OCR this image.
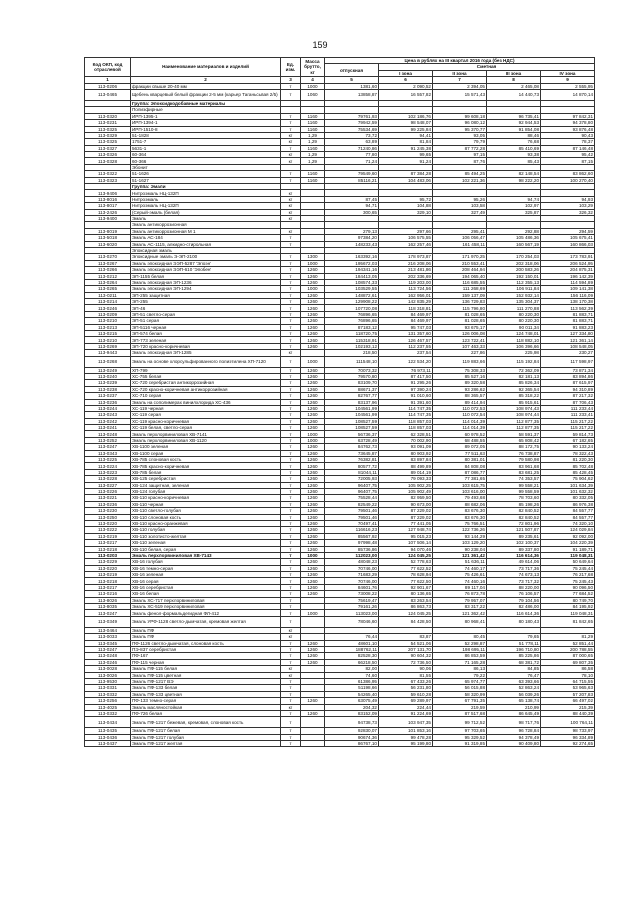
159
Код ОКП, код отраслевой	Наименование материалов и изделий	Ед. изм.	Масса брутто, кг	Цена в рублях на III квартал 2016 года (без НДС)				
				отпускная	Сметная			
					I зона	II зона	III зона	IV зона
1	2	3	4	5	6	7	8	9
113-0206	фракции свыше 20-40 мм	т	1000	1381,60	2 090,52	2 394,05	2 465,08	2 555,95
113-0465	Щебень кварцевый белый фракции 2-5 мм (карьер Таганьсьвая 2/5)	т	1060	13858,87	16 557,82	15 571,43	14 440,73	14 870,14
	Группа: Эпоксидкодобавные материалы							
	Полиэфирные							
113-0320	ИРП-1395-1	т	1160	79761,93	102 186,76	99 608,18	96 735,41	97 842,31
113-0231	ИРП-1394-1	т	1160	79942,59	98 548,07	96 080,12	92 944,53	94 378,80
113-0325	ИРП-1510-8	т	1160	75534,69	99 225,84	95 370,77	91 854,08	93 876,48
113-0329	51-1828	кг	1,29	73,72	94,41	93,05	88,46	90,43
113-0325	1751-7	кг	1,29	63,89	81,84	79,79	76,68	78,37
113-0327	5631-1	т	1160	71240,86	91 245,38	87 772,28	85 410,69	87 146,48
113-0326	60-364	кг	1,29	77,80	99,65	97,15	93,38	95,42
113-0328	60-366	кг	1,29	71,24	91,24	87,76	85,43	87,15
	Эбонит							
113-0322	51-1626	т	1160	79549,60	87 384,28	85 494,25	82 148,54	83 862,60
113-0323	51-1627	т	1160	85116,21	104 483,06	102 221,36	98 222,20	100 270,40
	Группа: Эмали							
113-9406	Нитроэмаль НЦ-132П	кг						
113-8016	Нитроэмаль	кг		87,45	95,72	95,26	94,74	94,93
113-8017	Нитроэмаль НЦ-132П	кг		94,71	104,88	103,58	102,97	103,29
113-2426	(Серый-эмаль (белая)	кг		300,65	329,10	327,49	325,87	326,32
113-9400	Эмаль	кг						
	Эмаль антикоррозионная							
113-8019	Эмаль антикоррозионная М 1	кг		279,13	297,66	295,41	292,88	294,59
113-5018	Эмаль АС-184	т		97384,20	106 575,55	106 056,47	105 486,36	105 675,41
113-6020	Эмаль АС-1115, алкидно-стирольная	т		148233,43	162 257,46	161 458,11	160 567,19	160 866,03
	Эпоксидная эмаль							
113-0270	Эпоксидные эмаль Э-ЭП-2100	т	1300	163392,16	178 973,87	171 970,25	170 254,03	173 783,91
113-0267	Эмаль эпоксидная ЭЭП-5287 'Эпоэн'	т	1000	195672,03	216 208,06	210 553,41	202 318,06	206 524,95
113-0266	Эмаль эпоксидная ЭЭП-610 'Эпобен'	т	1260	194341,16	213 481,86	208 464,94	200 583,26	204 875,31
113-0212	ЭП-1155 белая	т	1260	184413,05	202 336,69	194 065,40	192 150,01	196 142,39
113-0264	Эмаль эпоксидная ЭП-1236	т	1260	108574,33	119 203,00	116 685,55	112 355,13	114 594,89
113-0265	Эмаль эпоксидная ЭП-1294	т	1000	103529,55	113 724,56	111 268,69	106 911,84	109 141,38
113-0211	ЭП-255 защитная	т	1260	148872,61	162 956,01	159 137,09	152 932,14	156 116,09
113-0214	ЭП-255	т	1260	129908,22	142 835,29	136 729,83	135 304,37	138 170,38
113-0246	ЭП-46	т	1260	107720,08	118 318,81	115 796,80	111 270,88	113 562,39
113-0209	ЭП-51 светло-серая	т	1260	76896,65	84 469,97	81 028,65	80 220,30	81 883,71
113-0210	ЭП-51 серая	т	1260	76896,65	84 469,97	81 028,65	80 220,30	81 883,71
113-0213	ЭП-5116 черная	т	1260	87183,12	95 747,03	93 675,17	90 011,34	91 883,23
113-0215	ЭП-574 белая	т	1260	118720,75	131 357,60	126 006,08	124 748,01	127 334,80
113-0210	ЭП-773 зеленая	т	1260	115318,91	126 467,57	123 722,41	118 882,10	121 361,14
113-0269	ЭП-720 красно-коричневая	т	1260	102193,12	112 237,55	107 463,33	106 396,66	108 548,05
113-9443	Эмаль эпоксидная ЭП-1285	кг		218,50	237,54	227,86	225,98	230,27
113-0268	Эмаль на основе хлорсульфированного полиэтилена ХП-7120	т	1000	111548,10	122 534,20	119 883,66	115 192,84	117 598,97
113-0249	ХП-799	т	1260	70073,32	76 973,11	75 308,33	72 362,09	73 871,34
113-0240	ХС-755 белая	т	1260	79570,80	87 417,50	85 527,16	82 181,13	83 894,86
113-0239	ХС-720 серебристая антикоррозийная	т	1260	83109,70	91 295,26	89 320,58	85 826,34	87 615,97
113-0238	ХС-720 красно-коричневая антикоррозийная	т	1260	88671,37	97 390,24	93 286,62	92 365,54	94 310,89
113-0237	ХС-710 серая	т	1260	82767,77	91 010,60	88 365,57	85 318,22	87 217,32
113-0236	Эмаль на сополимерах винилхлорида ХС-436	т	1260	83137,96	91 391,60	89 414,94	85 915,61	87 706,43
113-0244	ХС-119 черная	т	1260	104561,99	114 747,35	110 072,53	108 974,43	111 233,44
113-0243	ХС-119 серая	т	1260	104561,99	114 747,35	110 072,54	108 974,44	111 233,41
113-0242	ХС-119 красно-коричневая	т	1260	108527,59	118 857,03	114 014,39	112 877,35	115 217,22
113-0241	ХС-119 белая, светло-серая	т	1260	108527,59	118 857,03	114 014,39	112 877,35	115 217,22
113-0248	Эмаль перхлорвиниловая ХВ-7141	т	1000	56736,37	62 328,51	60 978,52	58 591,37	59 814,73
113-0252	Эмаль перхлорвиниловая ХВ-1120	т	1000	63728,49	70 002,90	68 488,55	65 808,42	67 182,65
113-0247	ХВ-1100 зеленая	т	1260	84762,73	93 091,09	89 072,05	88 172,75	90 133,24
113-0343	ХВ-1100 серая	т	1260	73645,87	80 903,92	77 511,63	76 738,87	78 322,43
113-0225	ХВ-785 слоновая кость	т	1260	76382,81	83 897,84	80 381,01	79 580,98	81 220,30
113-0224	ХВ-785 красно-коричневая	т	1260	80577,72	88 499,89	84 808,08	83 961,68	85 702,48
113-0223	ХВ-785 белая	т	1260	81044,11	89 014,19	87 086,77	83 681,25	85 428,45
113-0228	ХВ-125 серебристая	т	1260	72005,93	79 093,33	77 381,65	74 353,57	75 904,62
113-0227	ХВ-124 защитная, зеленая	т	1260	96407,75	105 902,25	103 615,75	99 558,21	101 634,39
113-0226	ХВ-124 голубая	т	1260	96407,75	105 902,49	103 616,00	99 558,59	101 632,32
113-0221	ХВ-110 красно-коричневая	т	1260	75528,44	82 959,50	79 493,68	78 703,60	80 332,05
113-0236	ХВ-110 черная	т	1260	82549,22	90 673,00	88 682,06	85 198,26	86 976,38
113-0230	ХВ-110 светло-голубая	т	1260	79501,46	87 229,02	83 676,30	82 840,52	84 557,77
113-0250	ХВ-110 слоновая кость	т	1260	79501,46	87 229,02	83 676,30	82 840,52	84 557,77
113-0220	ХВ-110 красно-оранжевая	т	1260	70497,41	77 441,05	75 766,51	72 801,96	74 320,10
113-0222	ХВ-110 голубая	т	1260	116616,23	127 948,74	122 736,26	121 507,87	124 029,84
113-0219	ХВ-110 золотисто-желтая	т	1260	85567,92	95 015,23	93 144,29	89 235,61	92 092,00
113-0217	ХВ-110 зеленая	т	1260	97998,48	107 506,14	103 129,20	102 100,37	104 220,39
113-0218	ХВ-110 белая, серая	т	1260	85736,86	94 070,46	90 238,04	89 337,80	91 189,71
113-0203	Эмаль перхлорвиниловая ХВ-7143	т	1000	112023,00	124 045,25	121 361,42	116 614,36	119 048,31
113-0229	ХВ-16 голубая	т	1260	48048,23	52 778,63	51 636,11	49 614,06	50 649,64
113-0220	ХВ-16 темно-серая	т	1260	70746,00	77 622,52	74 460,17	73 717,36	75 245,44
113-0219	ХВ-16 зеленая	т	1260	71683,29	78 628,94	75 426,61	74 673,13	76 217,68
113-0218	ХВ-16 серая	т	1260	70746,00	77 622,50	74 460,16	73 717,32	75 245,43
113-0217	ХВ-16 серебристая	т	1260	84601,76	92 901,67	89 117,04	88 220,00	90 096,50
113-0216	ХВ-16 белая	т	1260	73008,22	80 136,65	76 873,78	76 106,57	77 684,52
113-8026	Эмаль ХС-717 перхлорвиниловая	т		75619,47	83 263,54	79 957,07	79 104,56	80 749,70
113-8035	Эмаль ХС-519 перхлорвиниловая	т		79161,26	86 863,73	83 317,22	82 486,00	84 195,92
113-0247	Эмаль фенол-формальдегидная ФЛ-412	т	1000	113023,00	124 045,25	121 362,42	116 614,36	119 048,31
113-0349	Эмаль УРФ-1128 светло-дымчатая, кремовая желтая	т		78046,60	84 428,50	80 968,41	80 180,43	81 842,65
113-0464	Эмаль ПФ	кг						
113-0033	Эмаль ПФ	кг		76,44	83,87	80,45	79,65	81,29
113-0345	ПФ-1126 светло-дымчатая, слоновая кость	т	1260	48601,10	54 521,06	52 298,87	51 778,11	52 851,44
113-0247	ПЭ-837 серебристая	т	1260	188762,11	207 131,70	198 695,11	196 710,80	200 788,55
113-0248	ПФ-167	т	1260	82528,30	90 604,32	86 853,59	85 225,86	87 000,65
113-0246	ПФ-115 черная	т	1260	66218,50	72 736,50	71 165,28	68 381,72	69 807,35
113-0028	Эмаль ПФ-115 белая	кг		82,00	90,06	86,13	84,85	86,58
113-0026	Эмаль ПФ-115 цветная	кг		74,60	81,55	79,22	76,47	78,10
113-9530	Эмаль ПФ-1217 ВЭ	т		61386,95	67 433,26	65 974,77	63 393,66	64 715,55
113-0331	Эмаль ПФ-133 белая	т		51198,66	56 231,80	56 015,88	52 863,24	53 965,63
113-0332	Эмаль ПФ-133 цветная	т		54265,40	59 610,28	58 320,99	56 039,26	57 207,83
113-0256	ПФ-133 темно-серая	т	1260	63075,49	69 289,97	67 791,35	65 138,74	66 497,02
113-4025	Эмаль масляностойкая	кг		204,32	224,44	219,59	210,99	215,39
113-0332	ПФ-726 белая	т	1260	83152,09	91 224,69	87 517,68	86 645,49	88 440,39
113-0434	Эмаль ПФ-1217 бежевая, кремовая, слоновая кость	т		94738,73	103 947,35	99 712,52	98 717,76	100 764,11
113-0435	Эмаль ПФ-1217 белая	т		92830,07	101 853,16	97 703,65	96 728,84	98 733,97
113-0436	Эмаль ПФ-1217 голубая	т		90674,36	99 478,28	95 329,52	94 378,49	96 334,89
113-0437	Эмаль ПФ-1217 желтая	т		86767,10	95 199,80	91 319,85	90 409,80	92 274,65
